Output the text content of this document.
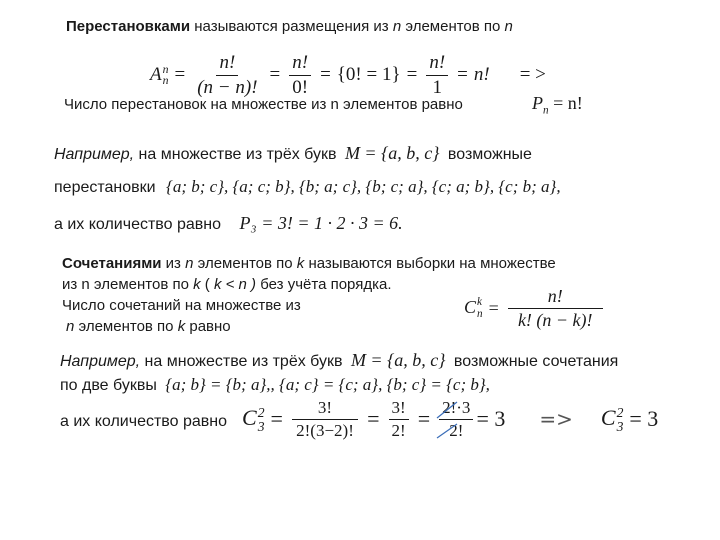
Перестановками называются размещения из n элементов по n
A n
$n = \frac{n!}{(n - n)!} = \frac{n!}{0!} = \{0$! = $1\} = \frac{n!}{1} = n$! = >
Число перестановок на множестве из n элементов равно	$P_n = n$!
Например, на множестве из трёх букв M = {a, b, c} возможные
перестановки {a; b; c}, {a; c; b}, {b; a; c}, {b; c; a}, {c; a; b}, {c; b; a},
а их количество равно P₃ = 3! = 1 · 2 · 3 = 6.
Сочетаниями из n элементов по k называются выборки на множестве
из n элементов по k ( k < n ) без учёта порядка.
Число сочетаний на множестве из
n элементов по k равно
C k
$n = \frac{n!}{k! (n - k)!}$
Например, на множестве из трёх букв M = {a, b, c} возможные сочетания
по две буквы {a; b} = {b; a},, {a; c} = {c; a}, {b; c} = {c; b},
а их количество равно C 2
$3 = \frac{3!}{2!(3-2)!} = \frac{3!}{2!} = \frac{2!\cdot 3}{2!} = 3 => C$ 2
3 = 3
